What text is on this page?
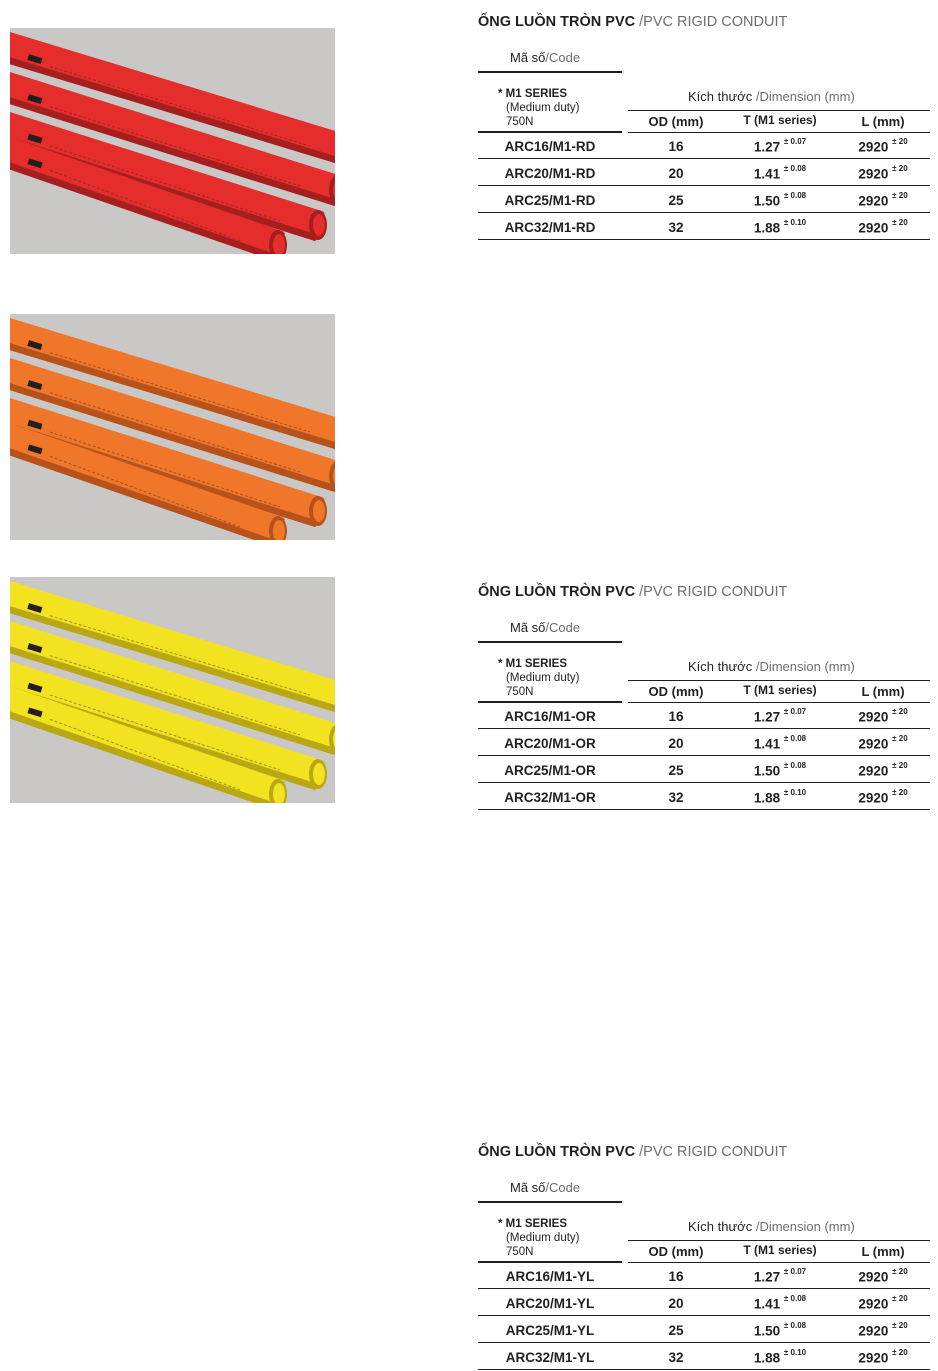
ỐNG LUỒN TRÒN PVC /PVC RIGID CONDUIT
Mã số/Code
* M1 SERIES
(Medium duty)
750N
Kích thước /Dimension (mm)
OD (mm)	T (M1 series)	L (mm)
ARC16/M1-RD	16	1.27 $^{\pm 0.07}$	2920 $^{\pm 20}$
ARC20/M1-RD	20	1.41 $^{\pm 0.08}$	2920 $^{\pm 20}$
ARC25/M1-RD	25	1.50 $^{\pm 0.08}$	2920 $^{\pm 20}$
ARC32/M1-RD	32	1.88 $^{\pm 0.10}$	2920 $^{\pm 20}$
ỐNG LUỒN TRÒN PVC /PVC RIGID CONDUIT
Mã số/Code
* M1 SERIES
(Medium duty)
750N
Kích thước /Dimension (mm)
OD (mm)	T (M1 series)	L (mm)
ARC16/M1-OR	16	1.27 $^{\pm 0.07}$	2920 $^{\pm 20}$
ARC20/M1-OR	20	1.41 $^{\pm 0.08}$	2920 $^{\pm 20}$
ARC25/M1-OR	25	1.50 $^{\pm 0.08}$	2920 $^{\pm 20}$
ARC32/M1-OR	32	1.88 $^{\pm 0.10}$	2920 $^{\pm 20}$
ỐNG LUỒN TRÒN PVC /PVC RIGID CONDUIT
Mã số/Code
* M1 SERIES
(Medium duty)
750N
Kích thước /Dimension (mm)
OD (mm)	T (M1 series)	L (mm)
ARC16/M1-YL	16	1.27 $^{\pm 0.07}$	2920 $^{\pm 20}$
ARC20/M1-YL	20	1.41 $^{\pm 0.08}$	2920 $^{\pm 20}$
ARC25/M1-YL	25	1.50 $^{\pm 0.08}$	2920 $^{\pm 20}$
ARC32/M1-YL	32	1.88 $^{\pm 0.10}$	2920 $^{\pm 20}$
